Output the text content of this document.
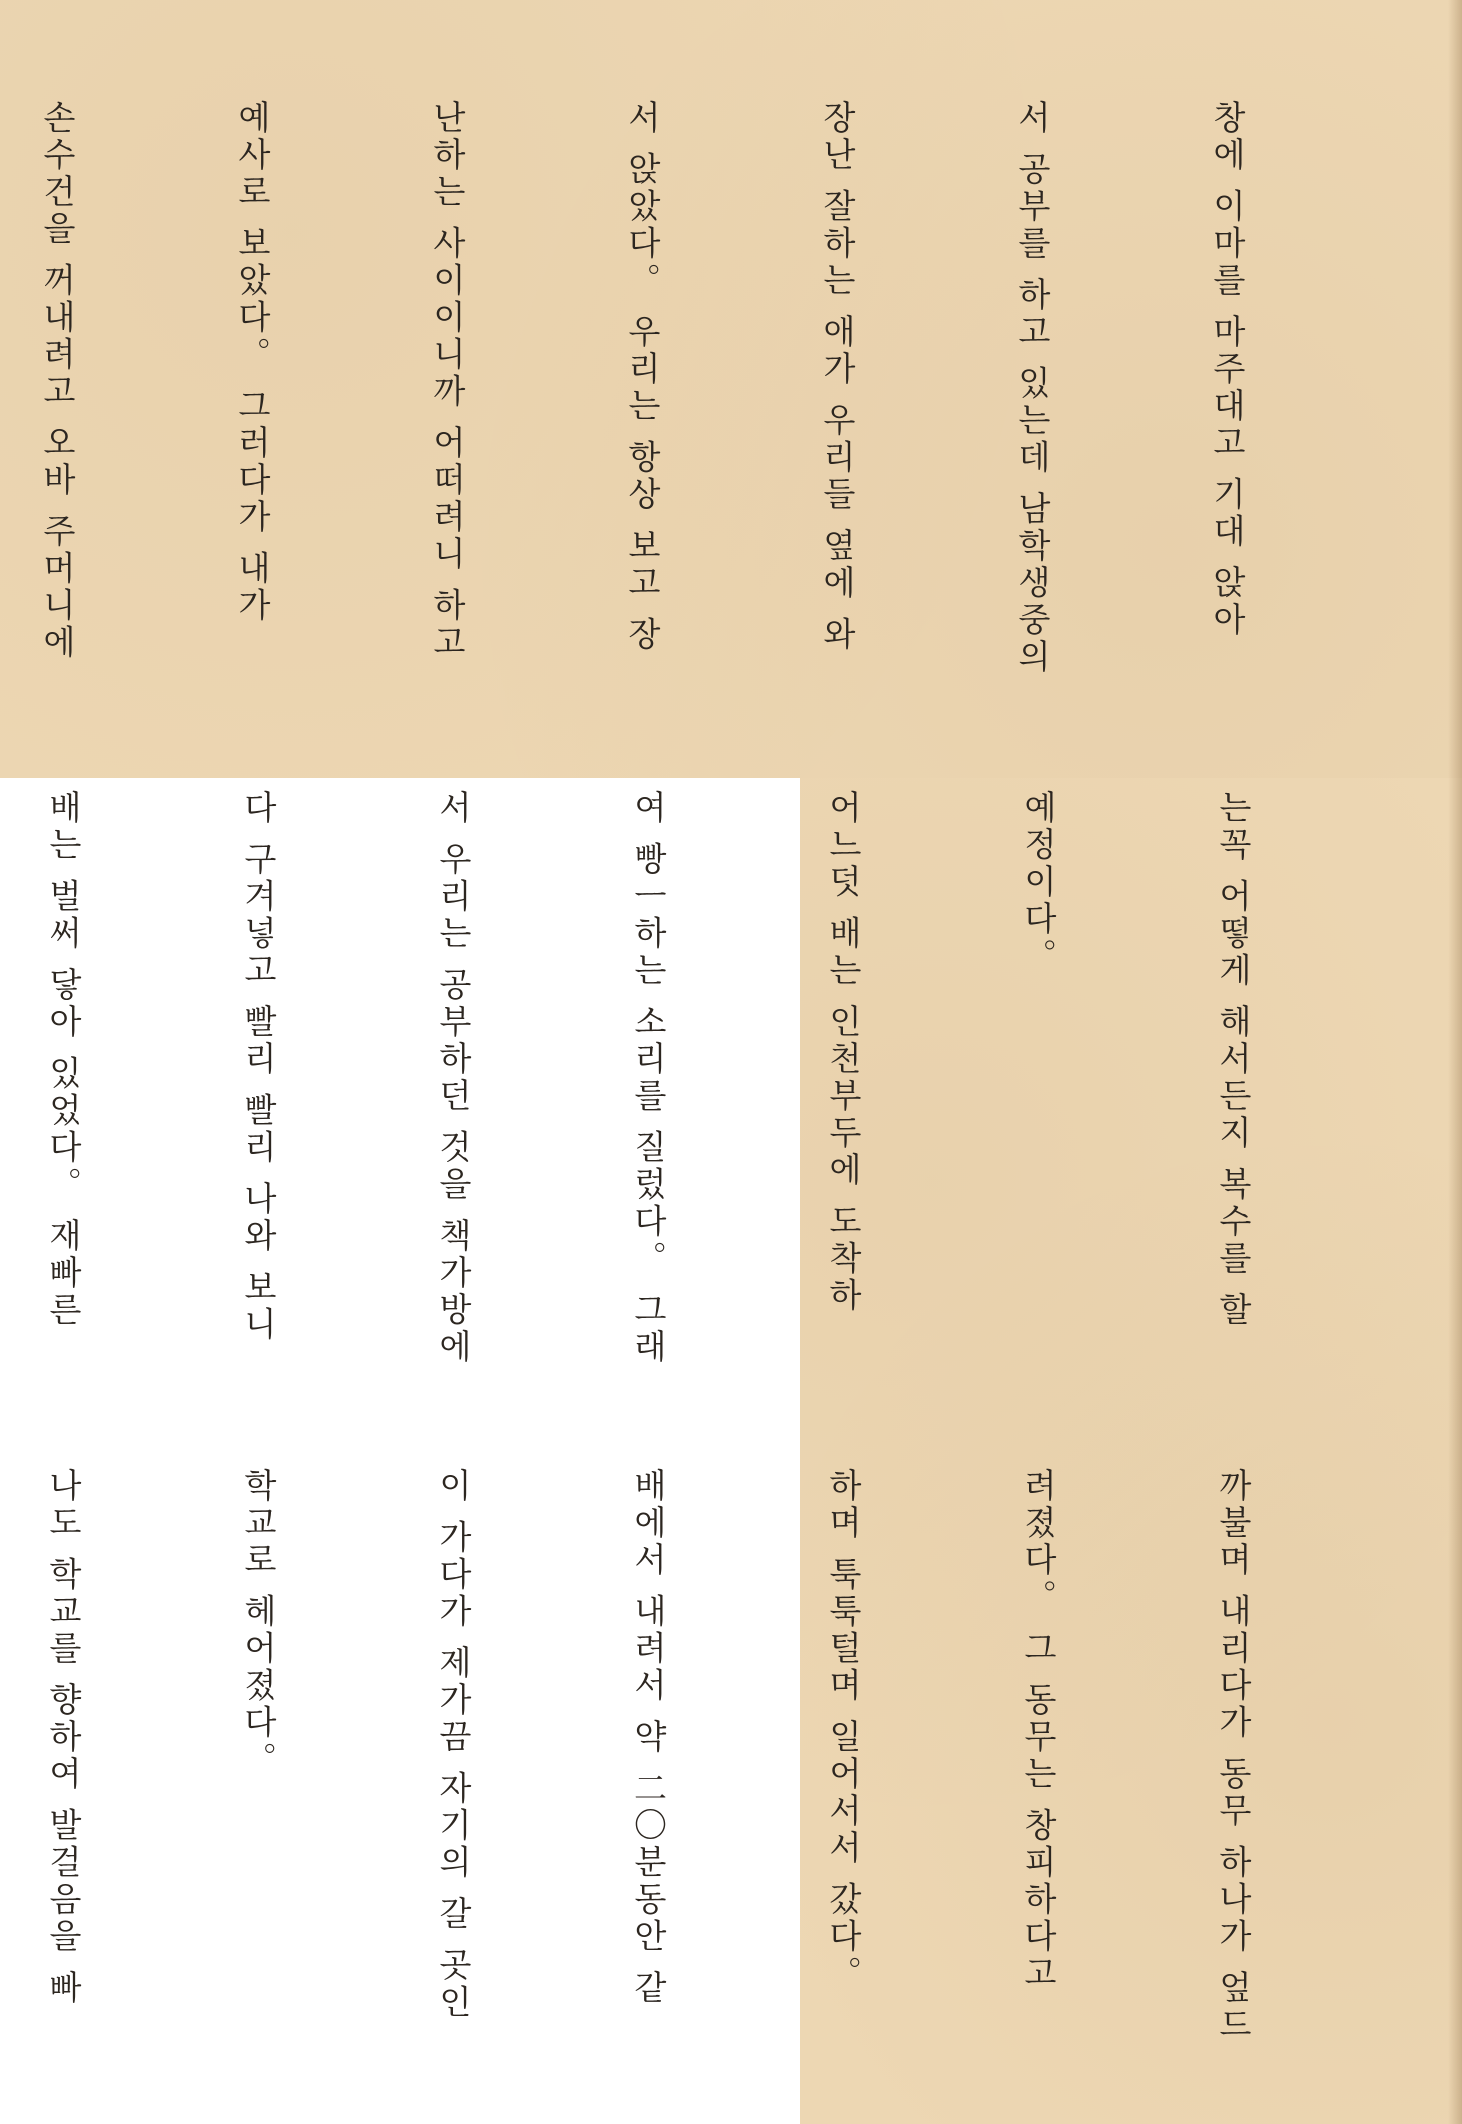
창에 이마를 마주대고 기대 앉아

서 공부를 하고 있는데 남학생중의

장난 잘하는 애가 우리들 옆에 와

서 앉았다。 우리는 항상 보고 장

난하는 사이이니까 어떠려니 하고

예사로 보았다。 그러다가 내가

손수건을 꺼내려고 오바 주머니에

는꼭 어떻게 해서든지 복수를 할

예정이다。

어느덧 배는 인천부두에 도착하

여 빵ㅡ하는 소리를 질렀다。 그래

서 우리는 공부하던 것을 책가방에

다 구겨넣고 빨리 빨리 나와 보니

배는 벌써 닿아 있었다。 재빠른

까불며 내리다가 동무 하나가 엎드

려졌다。 그 동무는 창피하다고

하며 툭툭털며 일어서서 갔다。

배에서 내려서 약 二〇분동안 같

이 가다가 제가끔 자기의 갈 곳인

학교로 헤어졌다。

나도 학교를 향하여 발걸음을 빠
